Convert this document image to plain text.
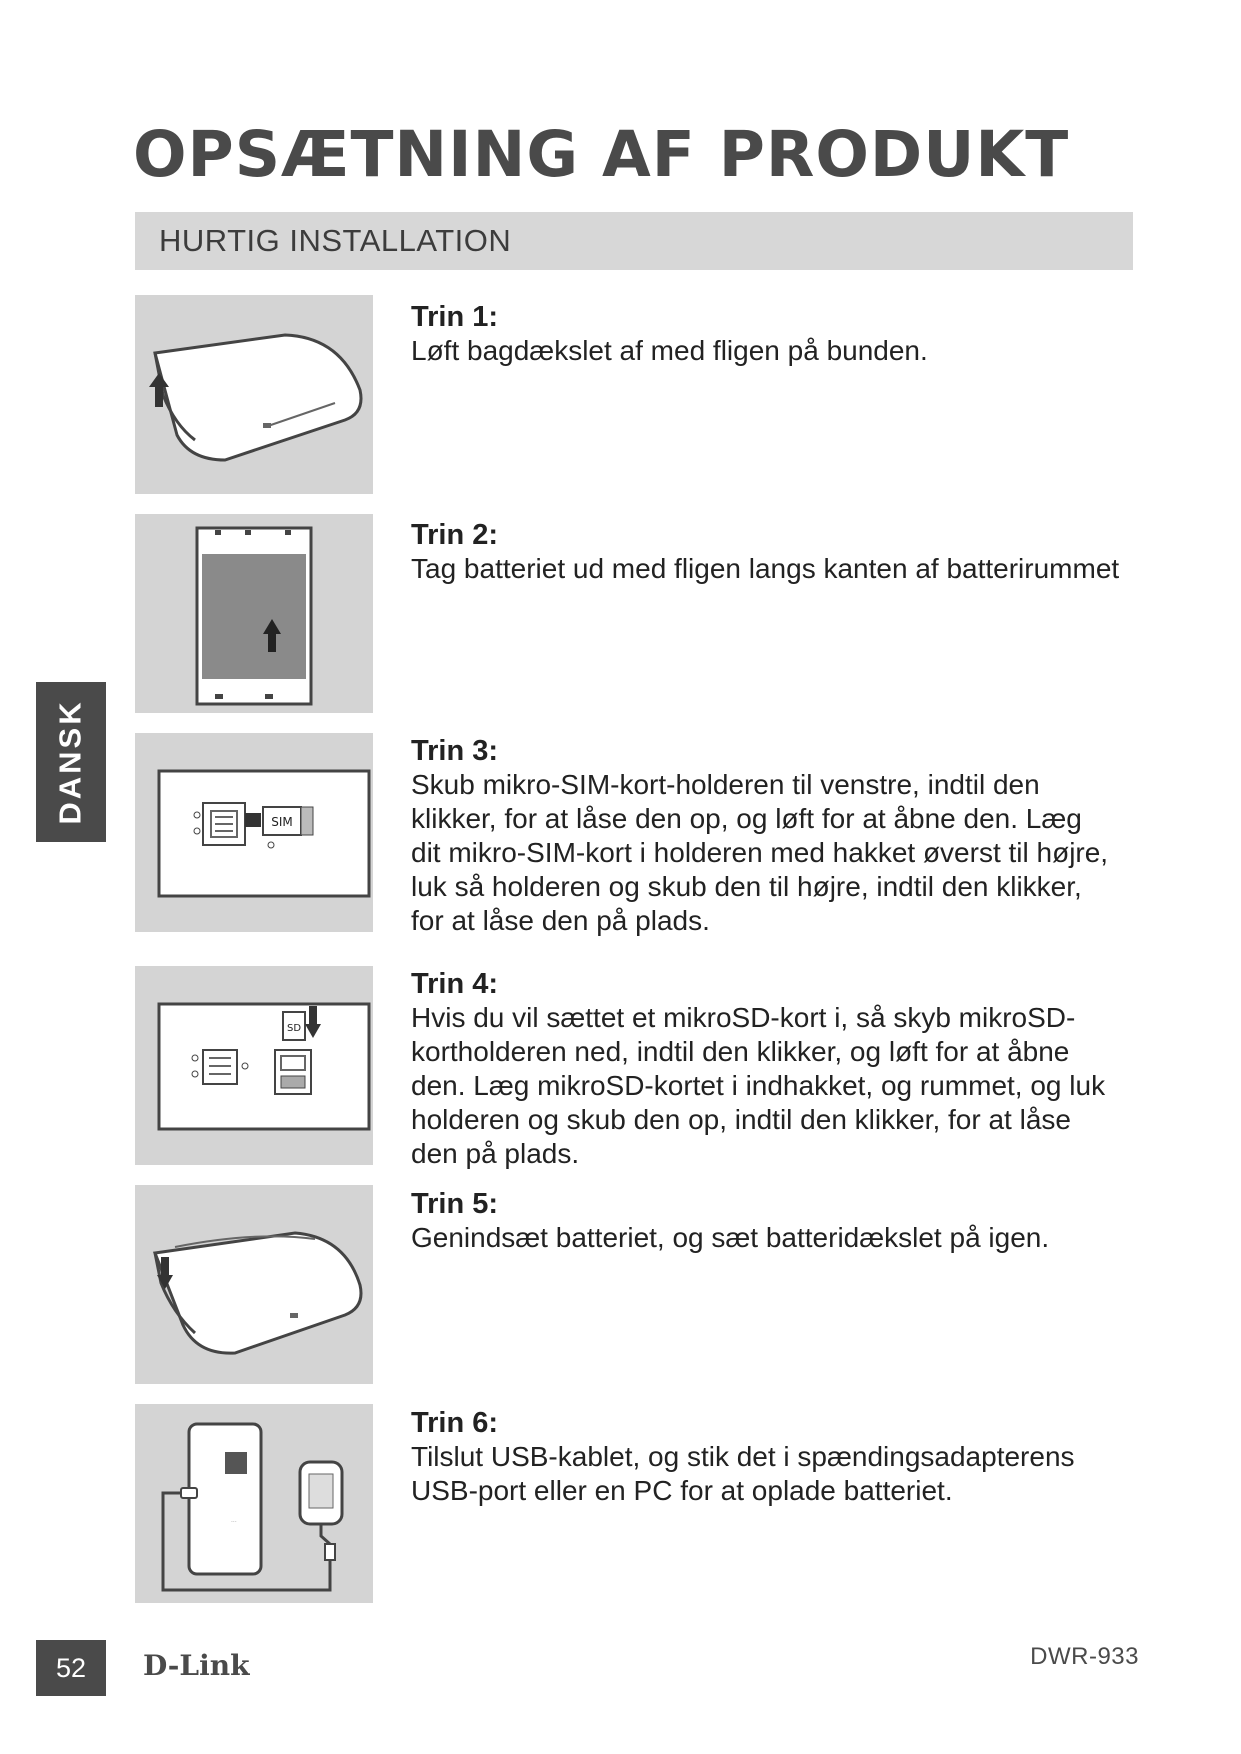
OPSÆTNING AF PRODUKT
HURTIG INSTALLATION
DANSK
Trin 1:
Løft bagdækslet af med fligen på bunden.
Trin 2:
Tag batteriet ud med fligen langs kanten af batterirummet
SIM
Trin 3:
Skub mikro-SIM-kort-holderen til venstre, indtil den
klikker, for at låse den op, og løft for at åbne den. Læg
dit mikro-SIM-kort i holderen med hakket øverst til højre,
luk så holderen og skub den til højre, indtil den klikker,
for at låse den på plads.
SD
Trin 4:
Hvis du vil sættet et mikroSD-kort i, så skyb mikroSD-
kortholderen ned, indtil den klikker, og løft for at åbne
den. Læg mikroSD-kortet i indhakket, og rummet, og luk
holderen og skub den op, indtil den klikker, for at låse
den på plads.
Trin 5:
Genindsæt batteriet, og sæt batteridækslet på igen.
···
Trin 6:
Tilslut USB-kablet, og stik det i spændingsadapterens
USB-port eller en PC for at oplade batteriet.
52	D-Link	DWR-933
